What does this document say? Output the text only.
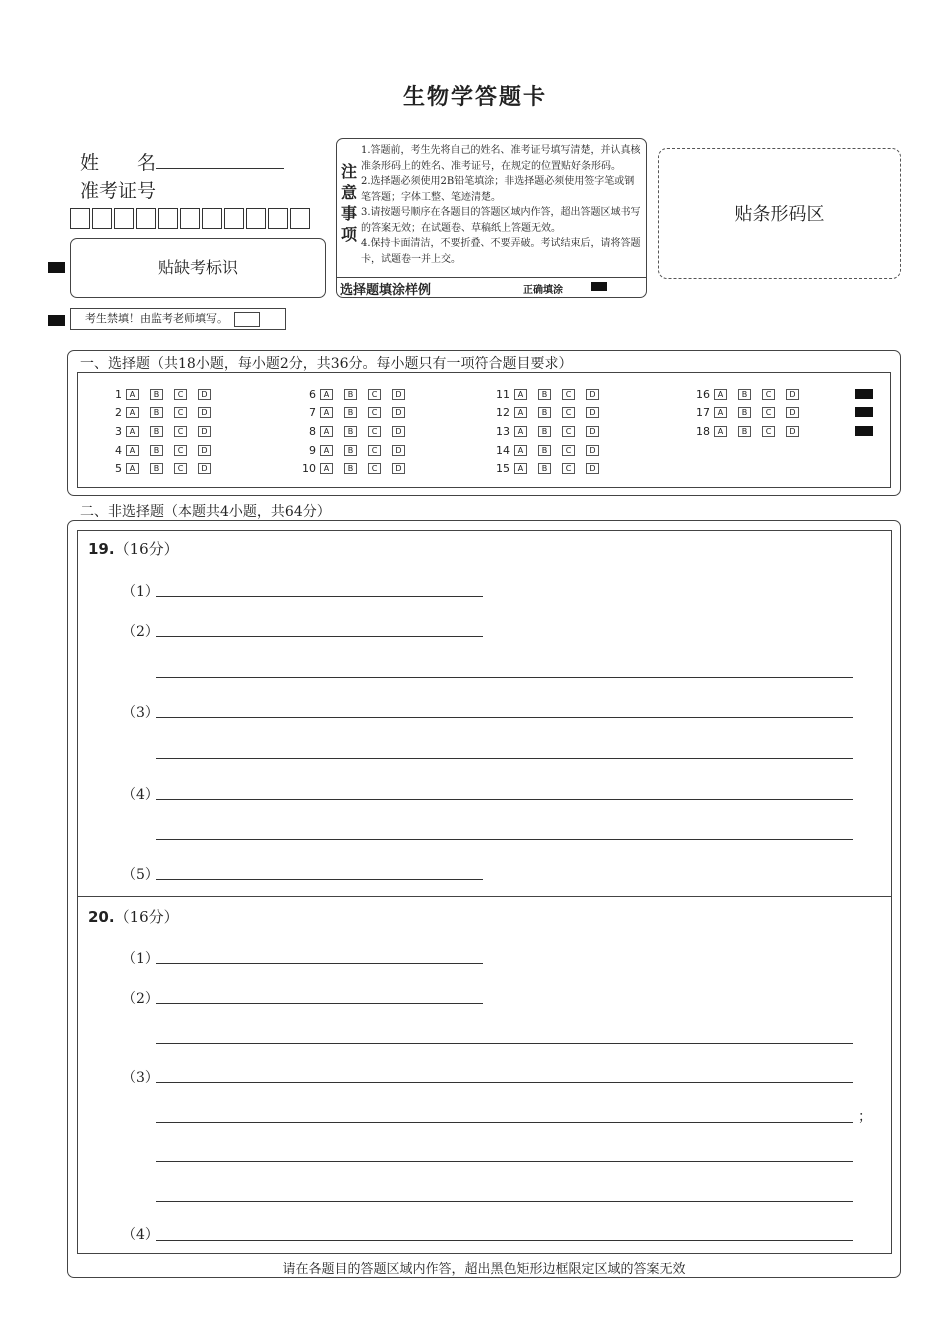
生物学答题卡
姓　　名
准考证号
贴缺考标识
考生禁填！由监考老师填写。
注意事项
1.答题前，考生先将自己的姓名、准考证号填写清楚，并认真核准条形码上的姓名、准考证号，在规定的位置贴好条形码。
2.选择题必须使用2B铅笔填涂；非选择题必须使用签字笔或钢笔答题；字体工整、笔迹清楚。
3.请按题号顺序在各题目的答题区域内作答，超出答题区域书写的答案无效；在试题卷、草稿纸上答题无效。
4.保持卡面清洁，不要折叠、不要弄破。考试结束后，请将答题卡，试题卷一并上交。
选择题填涂样例	正确填涂
贴条形码区
一、选择题（共18小题，每小题2分，共36分。每小题只有一项符合题目要求）
1 A	B	C	D
2 A	B	C	D
3 A	B	C	D
4 A	B	C	D
5 A	B	C	D
6 A	B	C	D
7 A	B	C	D
8 A	B	C	D
9 A	B	C	D
10 A	B	C	D
11 A	B	C	D
12 A	B	C	D
13 A	B	C	D
14 A	B	C	D
15 A	B	C	D
16 A	B	C	D
17 A	B	C	D
18 A	B	C	D
二、非选择题（本题共4小题，共64分）
19.（16分）
（1）
（2）
（3）
（4）
（5）
20.（16分）
（1）
（2）
（3）
；
（4）
请在各题目的答题区域内作答，超出黑色矩形边框限定区域的答案无效
